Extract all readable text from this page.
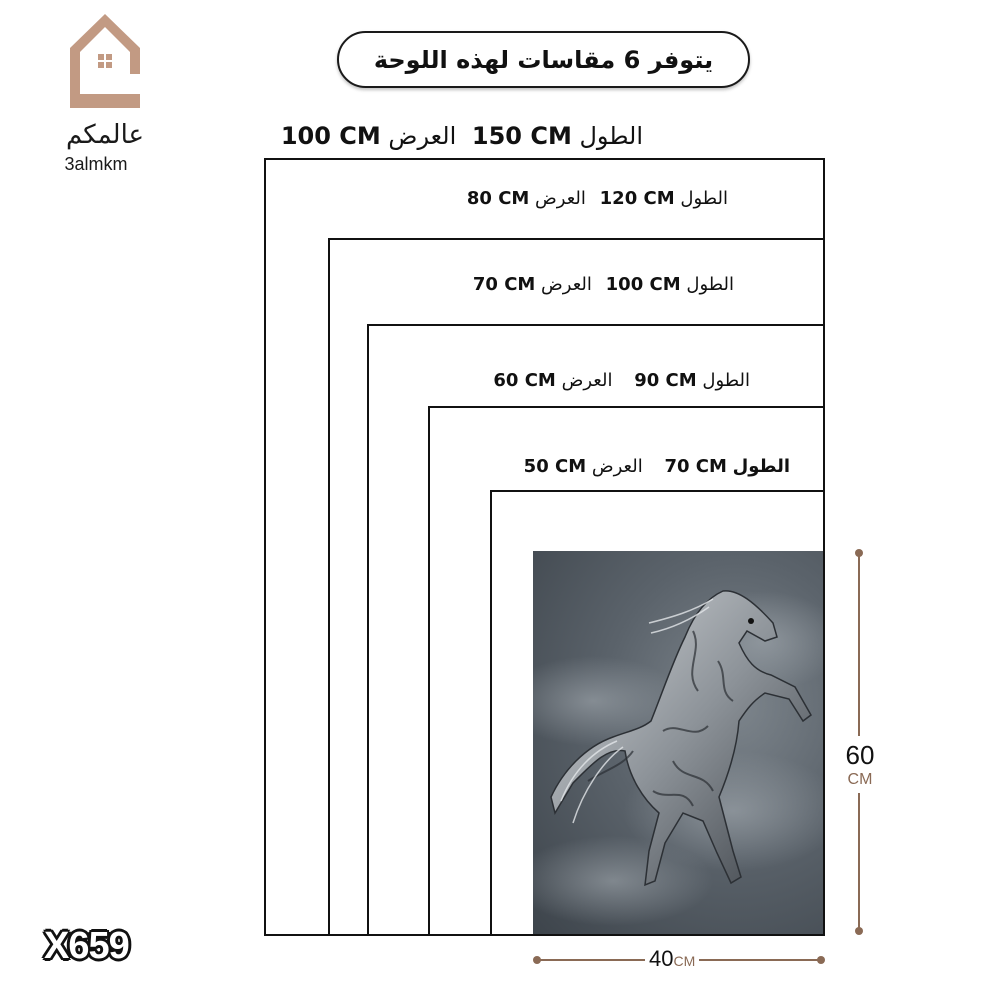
عالمكم
3almkm
يتوفر 6 مقاسات لهذه اللوحة
الطول 150 CM العرض 100 CM
الطول 120 CM العرض 80 CM
الطول 100 CM العرض 70 CM
الطول 90 CM العرض 60 CM
الطول 70 CM العرض 50 CM
60
CM
40CM
X659
